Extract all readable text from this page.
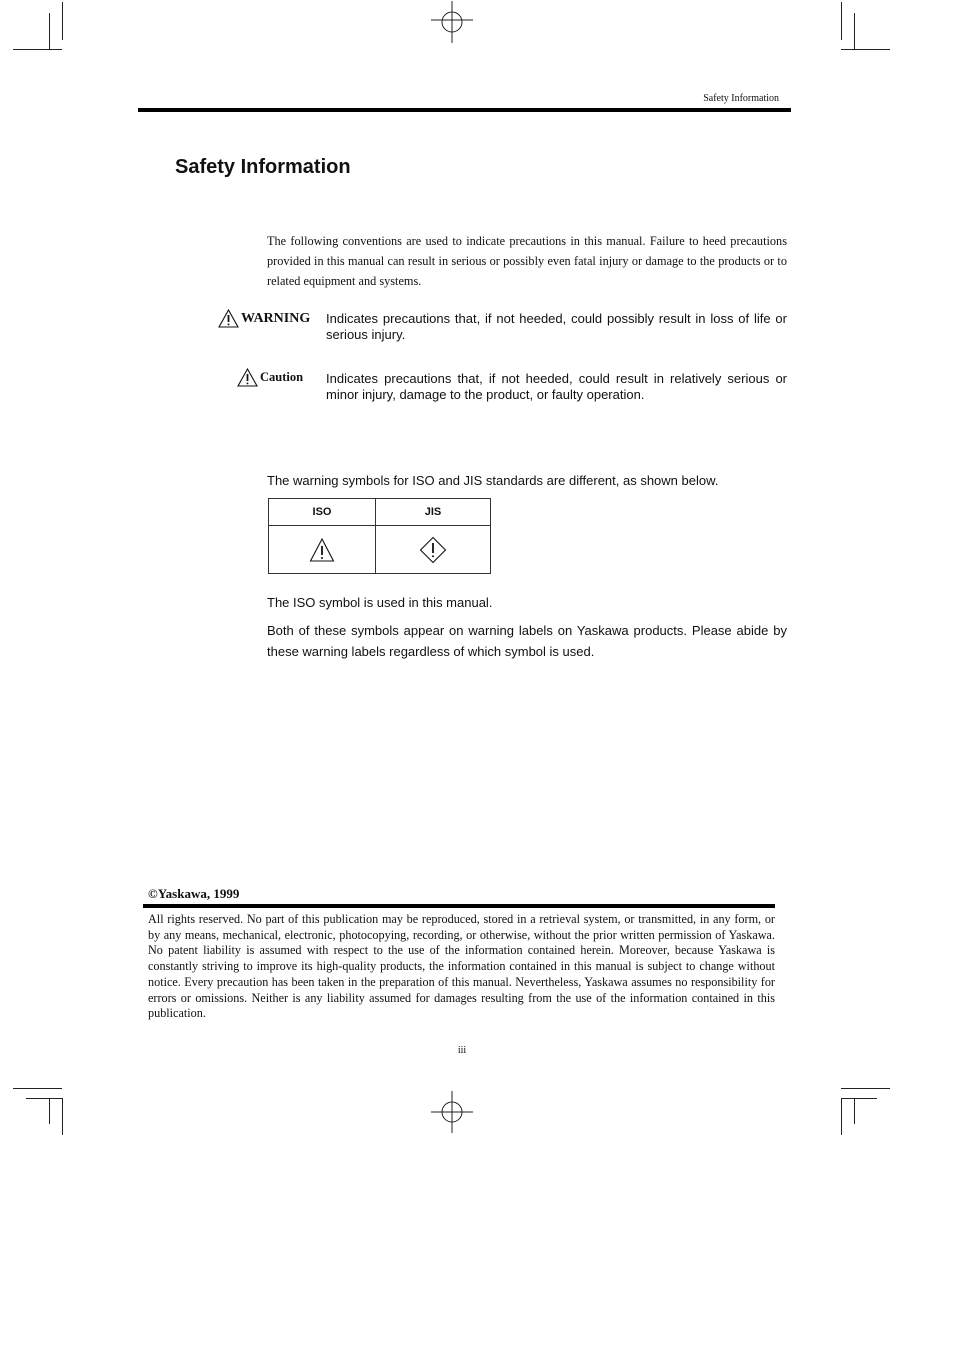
Safety Information
Safety Information
The following conventions are used to indicate precautions in this manual. Failure to heed precautions provided in this manual can result in serious or possibly even fatal injury or damage to the products or to related equipment and systems.
WARNING Indicates precautions that, if not heeded, could possibly result in loss of life or serious injury.
Caution Indicates precautions that, if not heeded, could result in relatively serious or minor injury, damage to the product, or faulty operation.
The warning symbols for ISO and JIS standards are different, as shown below.
ISO	JIS

The ISO symbol is used in this manual.
Both of these symbols appear on warning labels on Yaskawa products. Please abide by these warning labels regardless of which symbol is used.
©Yaskawa, 1999
All rights reserved. No part of this publication may be reproduced, stored in a retrieval system, or transmitted, in any form, or by any means, mechanical, electronic, photocopying, recording, or otherwise, without the prior written permission of Yaskawa. No patent liability is assumed with respect to the use of the information contained herein. Moreover, because Yaskawa is constantly striving to improve its high-quality products, the information contained in this manual is subject to change without notice. Every precaution has been taken in the preparation of this manual. Nevertheless, Yaskawa assumes no responsibility for errors or omissions. Neither is any liability assumed for damages resulting from the use of the information contained in this publication.
iii
